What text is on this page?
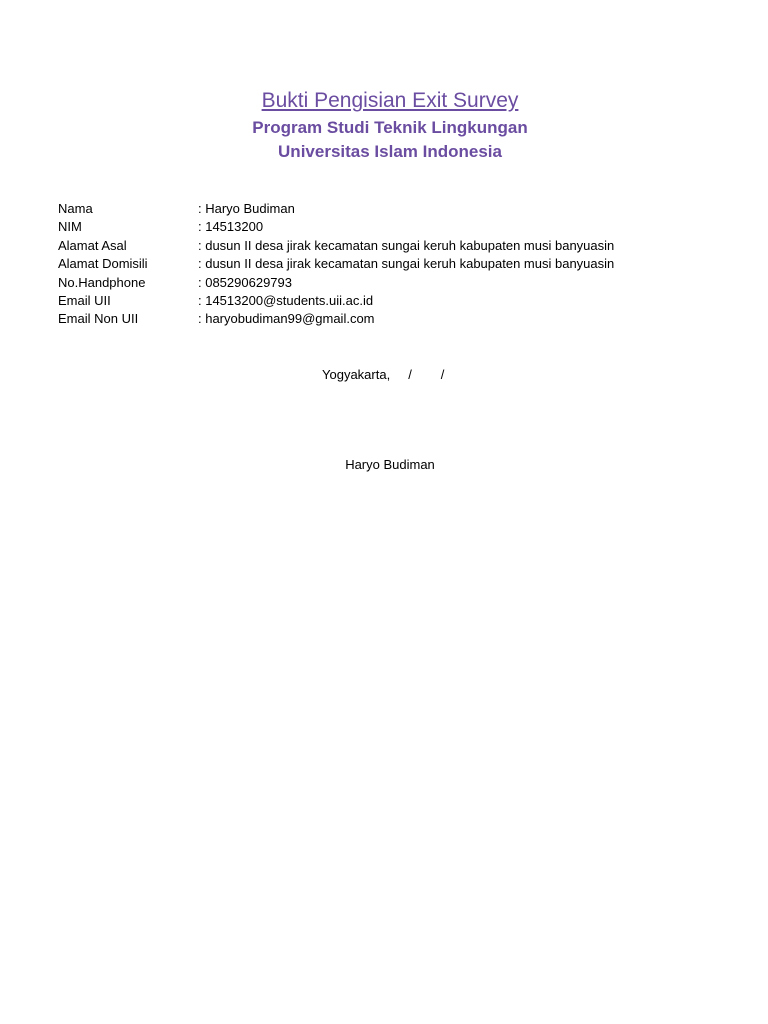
Bukti Pengisian Exit Survey
Program Studi Teknik Lingkungan
Universitas Islam Indonesia
Nama	: Haryo Budiman
NIM	: 14513200
Alamat Asal	: dusun II desa jirak kecamatan sungai keruh kabupaten musi banyuasin
Alamat Domisili	: dusun II desa jirak kecamatan sungai keruh kabupaten musi banyuasin
No.Handphone	: 085290629793
Email UII	: 14513200@students.uii.ac.id
Email Non UII	: haryobudiman99@gmail.com
Yogyakarta,     /        /
Haryo Budiman
